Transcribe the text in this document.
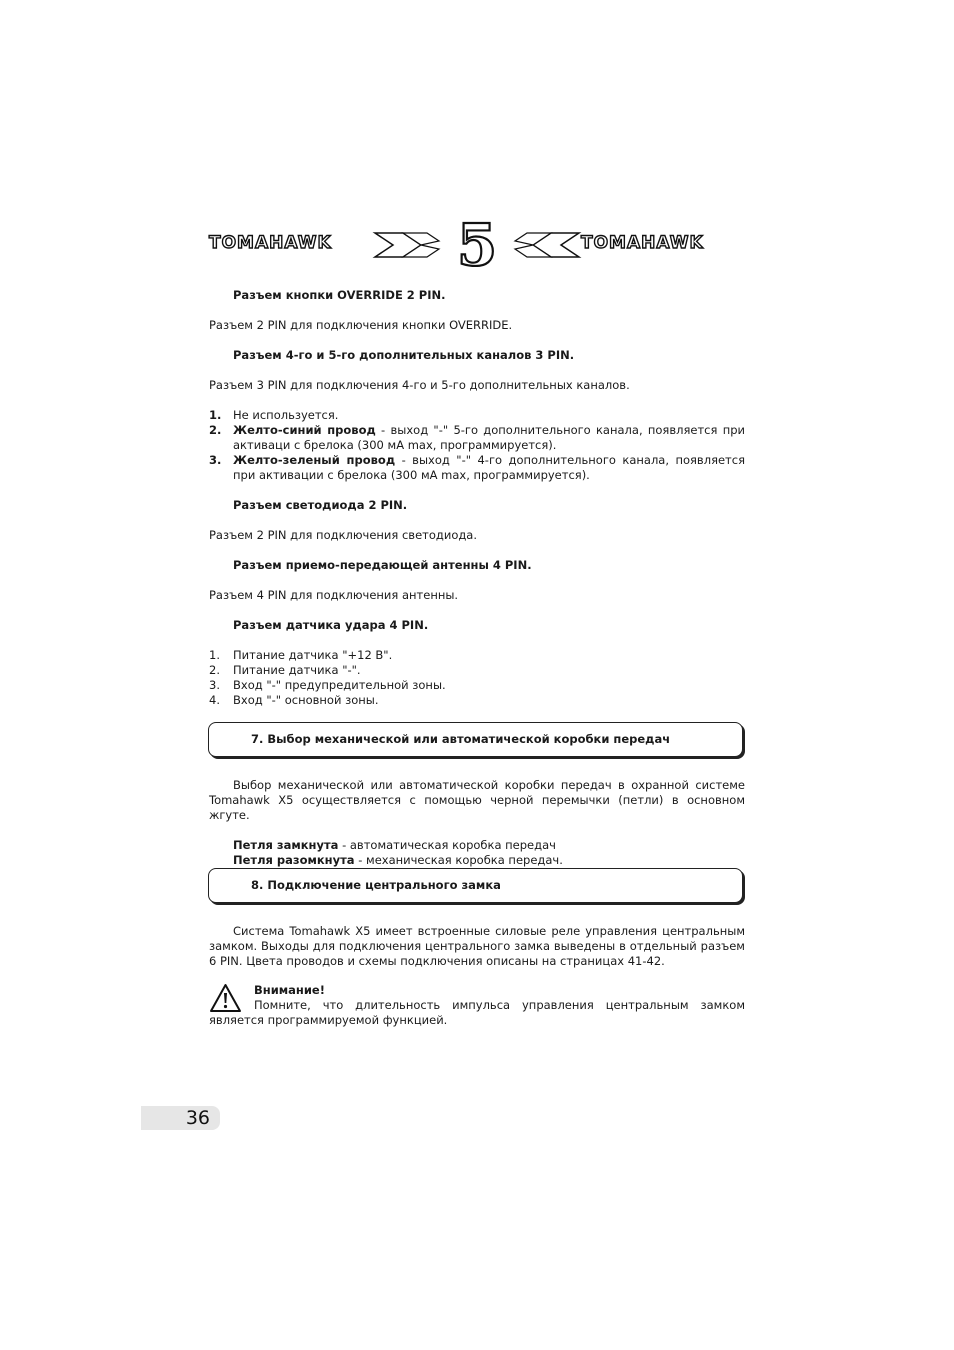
TOMAHAWK 5	TOMAHAWK
Разъем кнопки OVERRIDE 2 PIN.

Разъем 2 PIN для подключения кнопки OVERRIDE.

Разъем 4-го и 5-го дополнительных каналов 3 PIN.

Разъем 3 PIN для подключения 4-го и 5-го дополнительных каналов.

1. Не используется.
2. Желто-синий провод - выход "-" 5-го дополнительного канала, появляется при активаци с брелока (300 мА max, программируется).
3. Желто-зеленый провод - выход "-" 4-го дополнительного канала, появляется при активации с брелока (300 мА max, программируется).
Разъем светодиода 2 PIN.

Разъем 2 PIN для подключения светодиода.

Разъем приемо-передающей антенны 4 PIN.

Разъем 4 PIN для подключения антенны.

Разъем датчика удара 4 PIN.
1. Питание датчика "+12 В".
2. Питание датчика "-".
3. Вход "-" предупредительной зоны.
4. Вход "-" основной зоны.
7. Выбор механической или автоматической коробки передач

Выбор механической или автоматической коробки передач в охранной системе Tomahawk X5 осуществляется с помощью черной перемычки (петли) в основном жгуте.

Петля замкнута - автоматическая коробка передач

Петля разомкнута - механическая коробка передач.

8. Подключение центрального замка

Система Tomahawk X5 имеет встроенные силовые реле управления центральным замком. Выходы для подключения центрального замка выведены в отдельный разъем 6 PIN. Цвета проводов и схемы подключения описаны на страницах 41-42.

Внимание!

Помните, что длительность импульса управления центральным замком является программируемой функцией.

36
